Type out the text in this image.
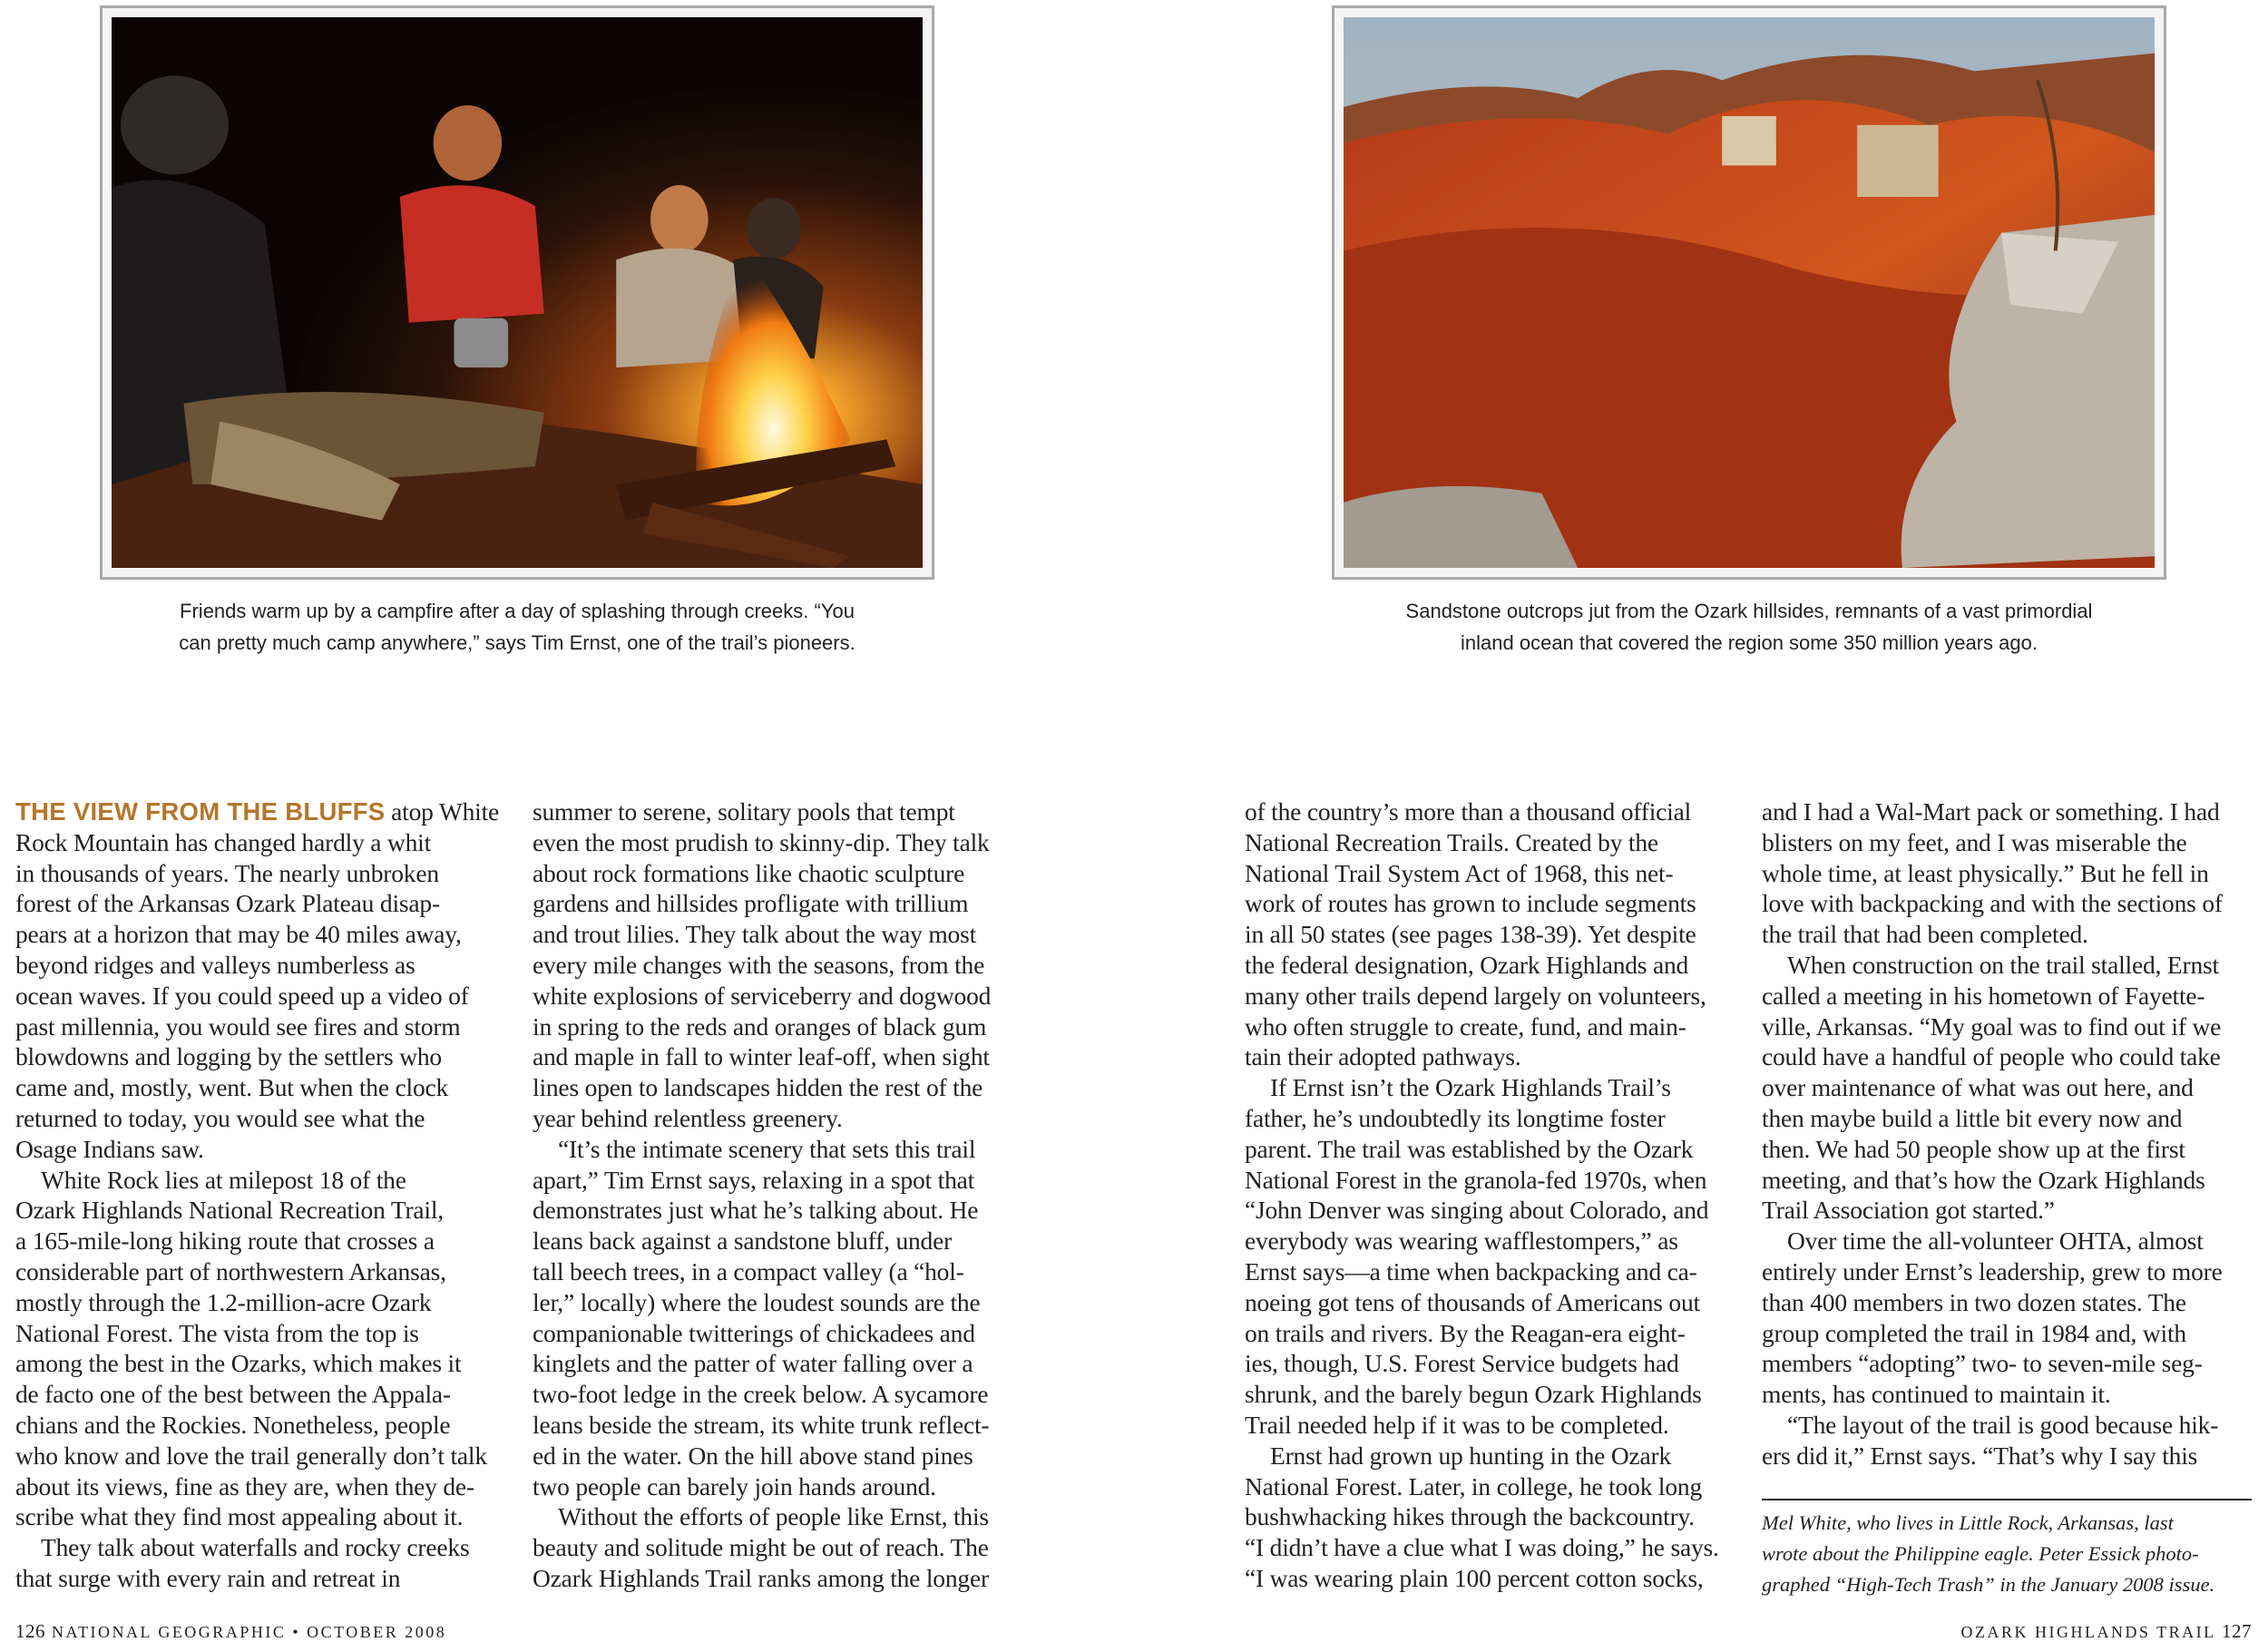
Friends warm up by a campfire after a day of splashing through creeks. “You

can pretty much camp anywhere,” says Tim Ernst, one of the trail’s pioneers.

Sandstone outcrops jut from the Ozark hillsides, remnants of a vast primordial

inland ocean that covered the region some 350 million years ago.

THE VIEW FROM THE BLUFFS atop White

Rock Mountain has changed hardly a whit

in thousands of years. The nearly unbroken

forest of the Arkansas Ozark Plateau disap-

pears at a horizon that may be 40 miles away,

beyond ridges and valleys numberless as

ocean waves. If you could speed up a video of

past millennia, you would see fires and storm

blowdowns and logging by the settlers who

came and, mostly, went. But when the clock

returned to today, you would see what the

Osage Indians saw.

White Rock lies at milepost 18 of the

Ozark Highlands National Recreation Trail,

a 165-mile-long hiking route that crosses a

considerable part of northwestern Arkansas,

mostly through the 1.2-million-acre Ozark

National Forest. The vista from the top is

among the best in the Ozarks, which makes it

de facto one of the best between the Appala-

chians and the Rockies. Nonetheless, people

who know and love the trail generally don’t talk

about its views, fine as they are, when they de-

scribe what they find most appealing about it.

They talk about waterfalls and rocky creeks

that surge with every rain and retreat in

summer to serene, solitary pools that tempt

even the most prudish to skinny-dip. They talk

about rock formations like chaotic sculpture

gardens and hillsides profligate with trillium

and trout lilies. They talk about the way most

every mile changes with the seasons, from the

white explosions of serviceberry and dogwood

in spring to the reds and oranges of black gum

and maple in fall to winter leaf-off, when sight

lines open to landscapes hidden the rest of the

year behind relentless greenery.

“It’s the intimate scenery that sets this trail

apart,” Tim Ernst says, relaxing in a spot that

demonstrates just what he’s talking about. He

leans back against a sandstone bluff, under

tall beech trees, in a compact valley (a “hol-

ler,” locally) where the loudest sounds are the

companionable twitterings of chickadees and

kinglets and the patter of water falling over a

two-foot ledge in the creek below. A sycamore

leans beside the stream, its white trunk reflect-

ed in the water. On the hill above stand pines

two people can barely join hands around.

Without the efforts of people like Ernst, this

beauty and solitude might be out of reach. The

Ozark Highlands Trail ranks among the longer

of the country’s more than a thousand official

National Recreation Trails. Created by the

National Trail System Act of 1968, this net-

work of routes has grown to include segments

in all 50 states (see pages 138-39). Yet despite

the federal designation, Ozark Highlands and

many other trails depend largely on volunteers,

who often struggle to create, fund, and main-

tain their adopted pathways.

If Ernst isn’t the Ozark Highlands Trail’s

father, he’s undoubtedly its longtime foster

parent. The trail was established by the Ozark

National Forest in the granola-fed 1970s, when

“John Denver was singing about Colorado, and

everybody was wearing wafflestompers,” as

Ernst says—a time when backpacking and ca-

noeing got tens of thousands of Americans out

on trails and rivers. By the Reagan-era eight-

ies, though, U.S. Forest Service budgets had

shrunk, and the barely begun Ozark Highlands

Trail needed help if it was to be completed.

Ernst had grown up hunting in the Ozark

National Forest. Later, in college, he took long

bushwhacking hikes through the backcountry.

“I didn’t have a clue what I was doing,” he says.

“I was wearing plain 100 percent cotton socks,

and I had a Wal-Mart pack or something. I had

blisters on my feet, and I was miserable the

whole time, at least physically.” But he fell in

love with backpacking and with the sections of

the trail that had been completed.

When construction on the trail stalled, Ernst

called a meeting in his hometown of Fayette-

ville, Arkansas. “My goal was to find out if we

could have a handful of people who could take

over maintenance of what was out here, and

then maybe build a little bit every now and

then. We had 50 people show up at the first

meeting, and that’s how the Ozark Highlands

Trail Association got started.”

Over time the all-volunteer OHTA, almost

entirely under Ernst’s leadership, grew to more

than 400 members in two dozen states. The

group completed the trail in 1984 and, with

members “adopting” two- to seven-mile seg-

ments, has continued to maintain it.

“The layout of the trail is good because hik-

ers did it,” Ernst says. “That’s why I say this

Mel White, who lives in Little Rock, Arkansas, last

wrote about the Philippine eagle. Peter Essick photo-

graphed “High-Tech Trash” in the January 2008 issue.

126 NATIONAL GEOGRAPHIC • OCTOBER 2008	OZARK HIGHLANDS TRAIL 127
